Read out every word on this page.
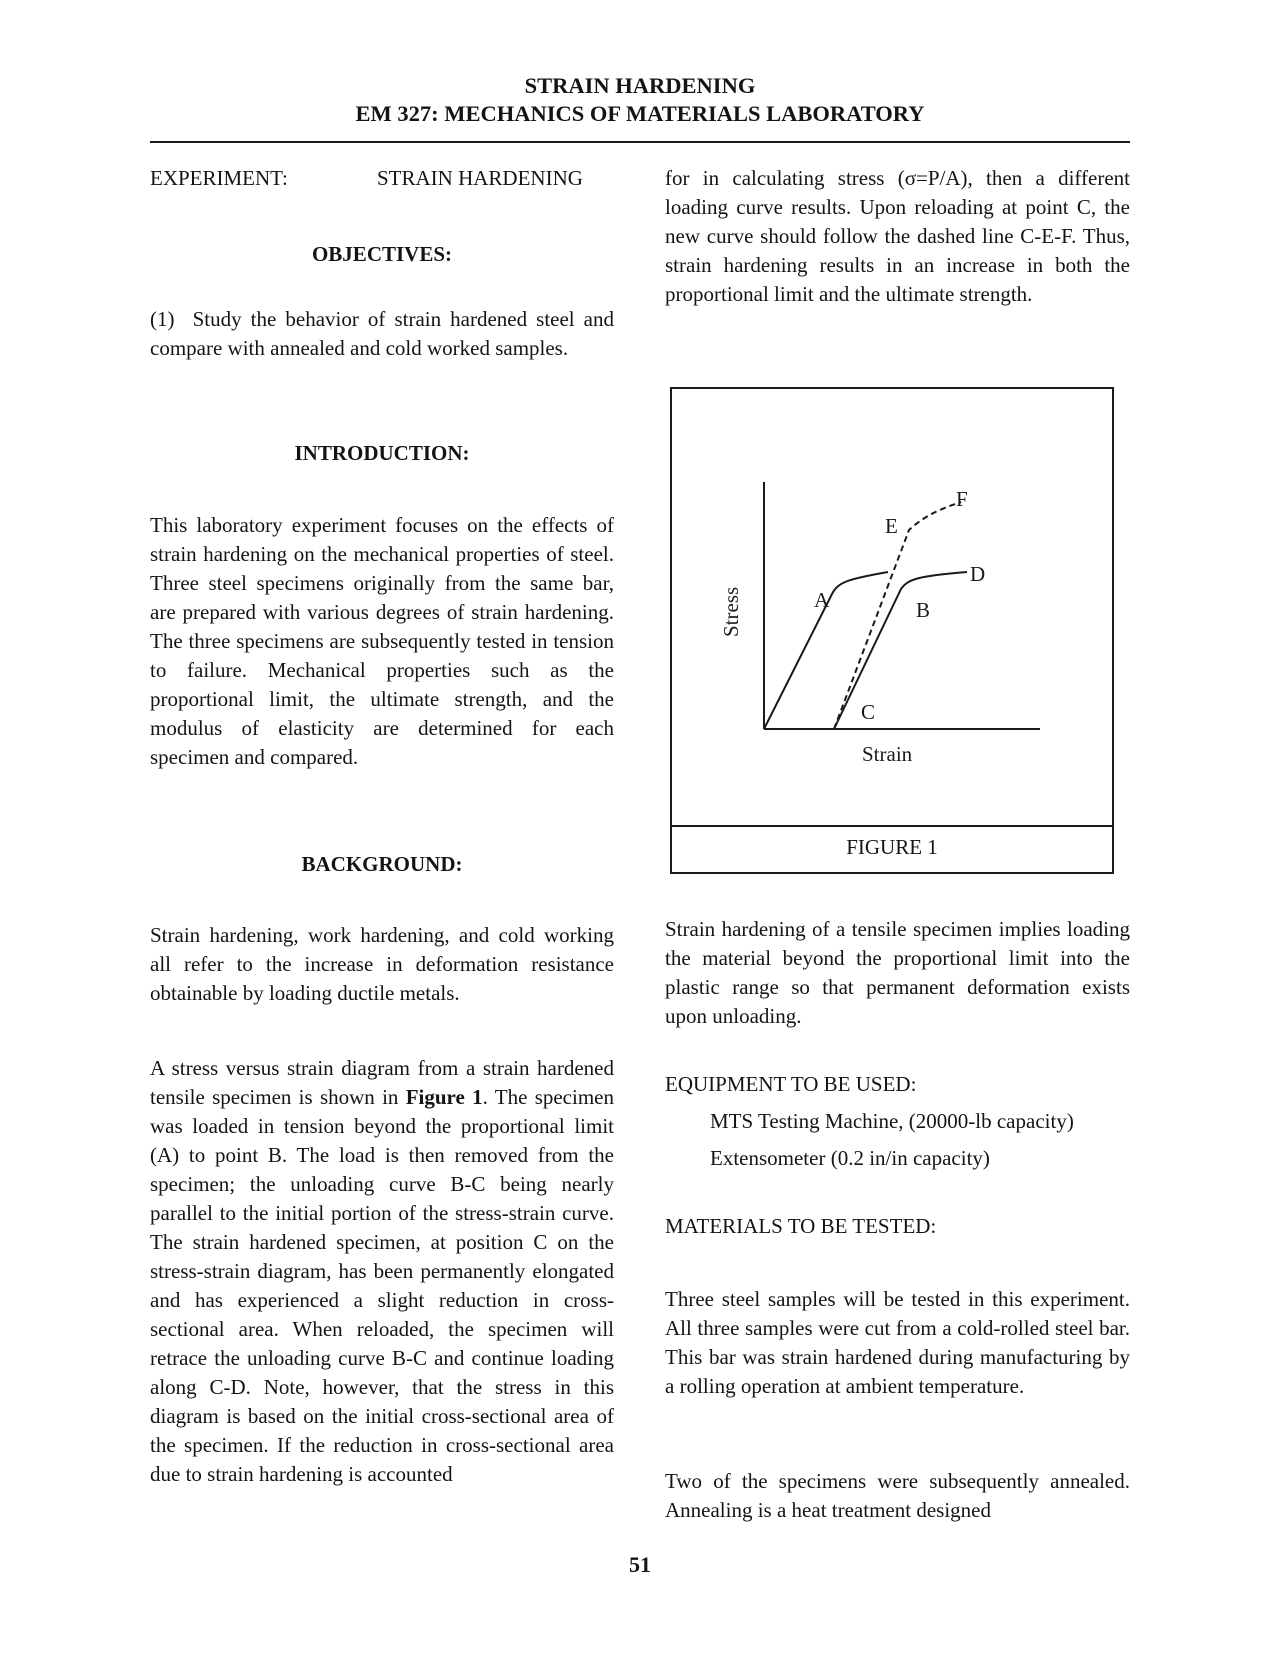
STRAIN HARDENING
EM 327: MECHANICS OF MATERIALS LABORATORY
EXPERIMENT:	STRAIN HARDENING
OBJECTIVES:

(1) Study the behavior of strain hardened steel and compare with annealed and cold worked samples.

INTRODUCTION:

This laboratory experiment focuses on the effects of strain hardening on the mechanical properties of steel. Three steel specimens originally from the same bar, are prepared with various degrees of strain hardening. The three specimens are subsequently tested in tension to failure. Mechanical properties such as the proportional limit, the ultimate strength, and the modulus of elasticity are determined for each specimen and compared.

BACKGROUND:

Strain hardening, work hardening, and cold working all refer to the increase in deformation resistance obtainable by loading ductile metals.

A stress versus strain diagram from a strain hardened tensile specimen is shown in Figure 1. The specimen was loaded in tension beyond the proportional limit (A) to point B. The load is then removed from the specimen; the unloading curve B-C being nearly parallel to the initial portion of the stress-strain curve. The strain hardened specimen, at position C on the stress-strain diagram, has been permanently elongated and has experienced a slight reduction in cross-sectional area. When reloaded, the specimen will retrace the unloading curve B-C and continue loading along C-D. Note, however, that the stress in this diagram is based on the initial cross-sectional area of the specimen. If the reduction in cross-sectional area due to strain hardening is accounted

for in calculating stress (σ=P/A), then a different loading curve results. Upon reloading at point C, the new curve should follow the dashed line C-E-F. Thus, strain hardening results in an increase in both the proportional limit and the ultimate strength.

A	B
C
D
E
F
Strain
Stress
FIGURE 1

Strain hardening of a tensile specimen implies loading the material beyond the proportional limit into the plastic range so that permanent deformation exists upon unloading.

EQUIPMENT TO BE USED:
MTS Testing Machine, (20000-lb capacity)
Extensometer (0.2 in/in capacity)
MATERIALS TO BE TESTED:

Three steel samples will be tested in this experiment. All three samples were cut from a cold-rolled steel bar. This bar was strain hardened during manufacturing by a rolling operation at ambient temperature.

Two of the specimens were subsequently annealed. Annealing is a heat treatment designed

51
